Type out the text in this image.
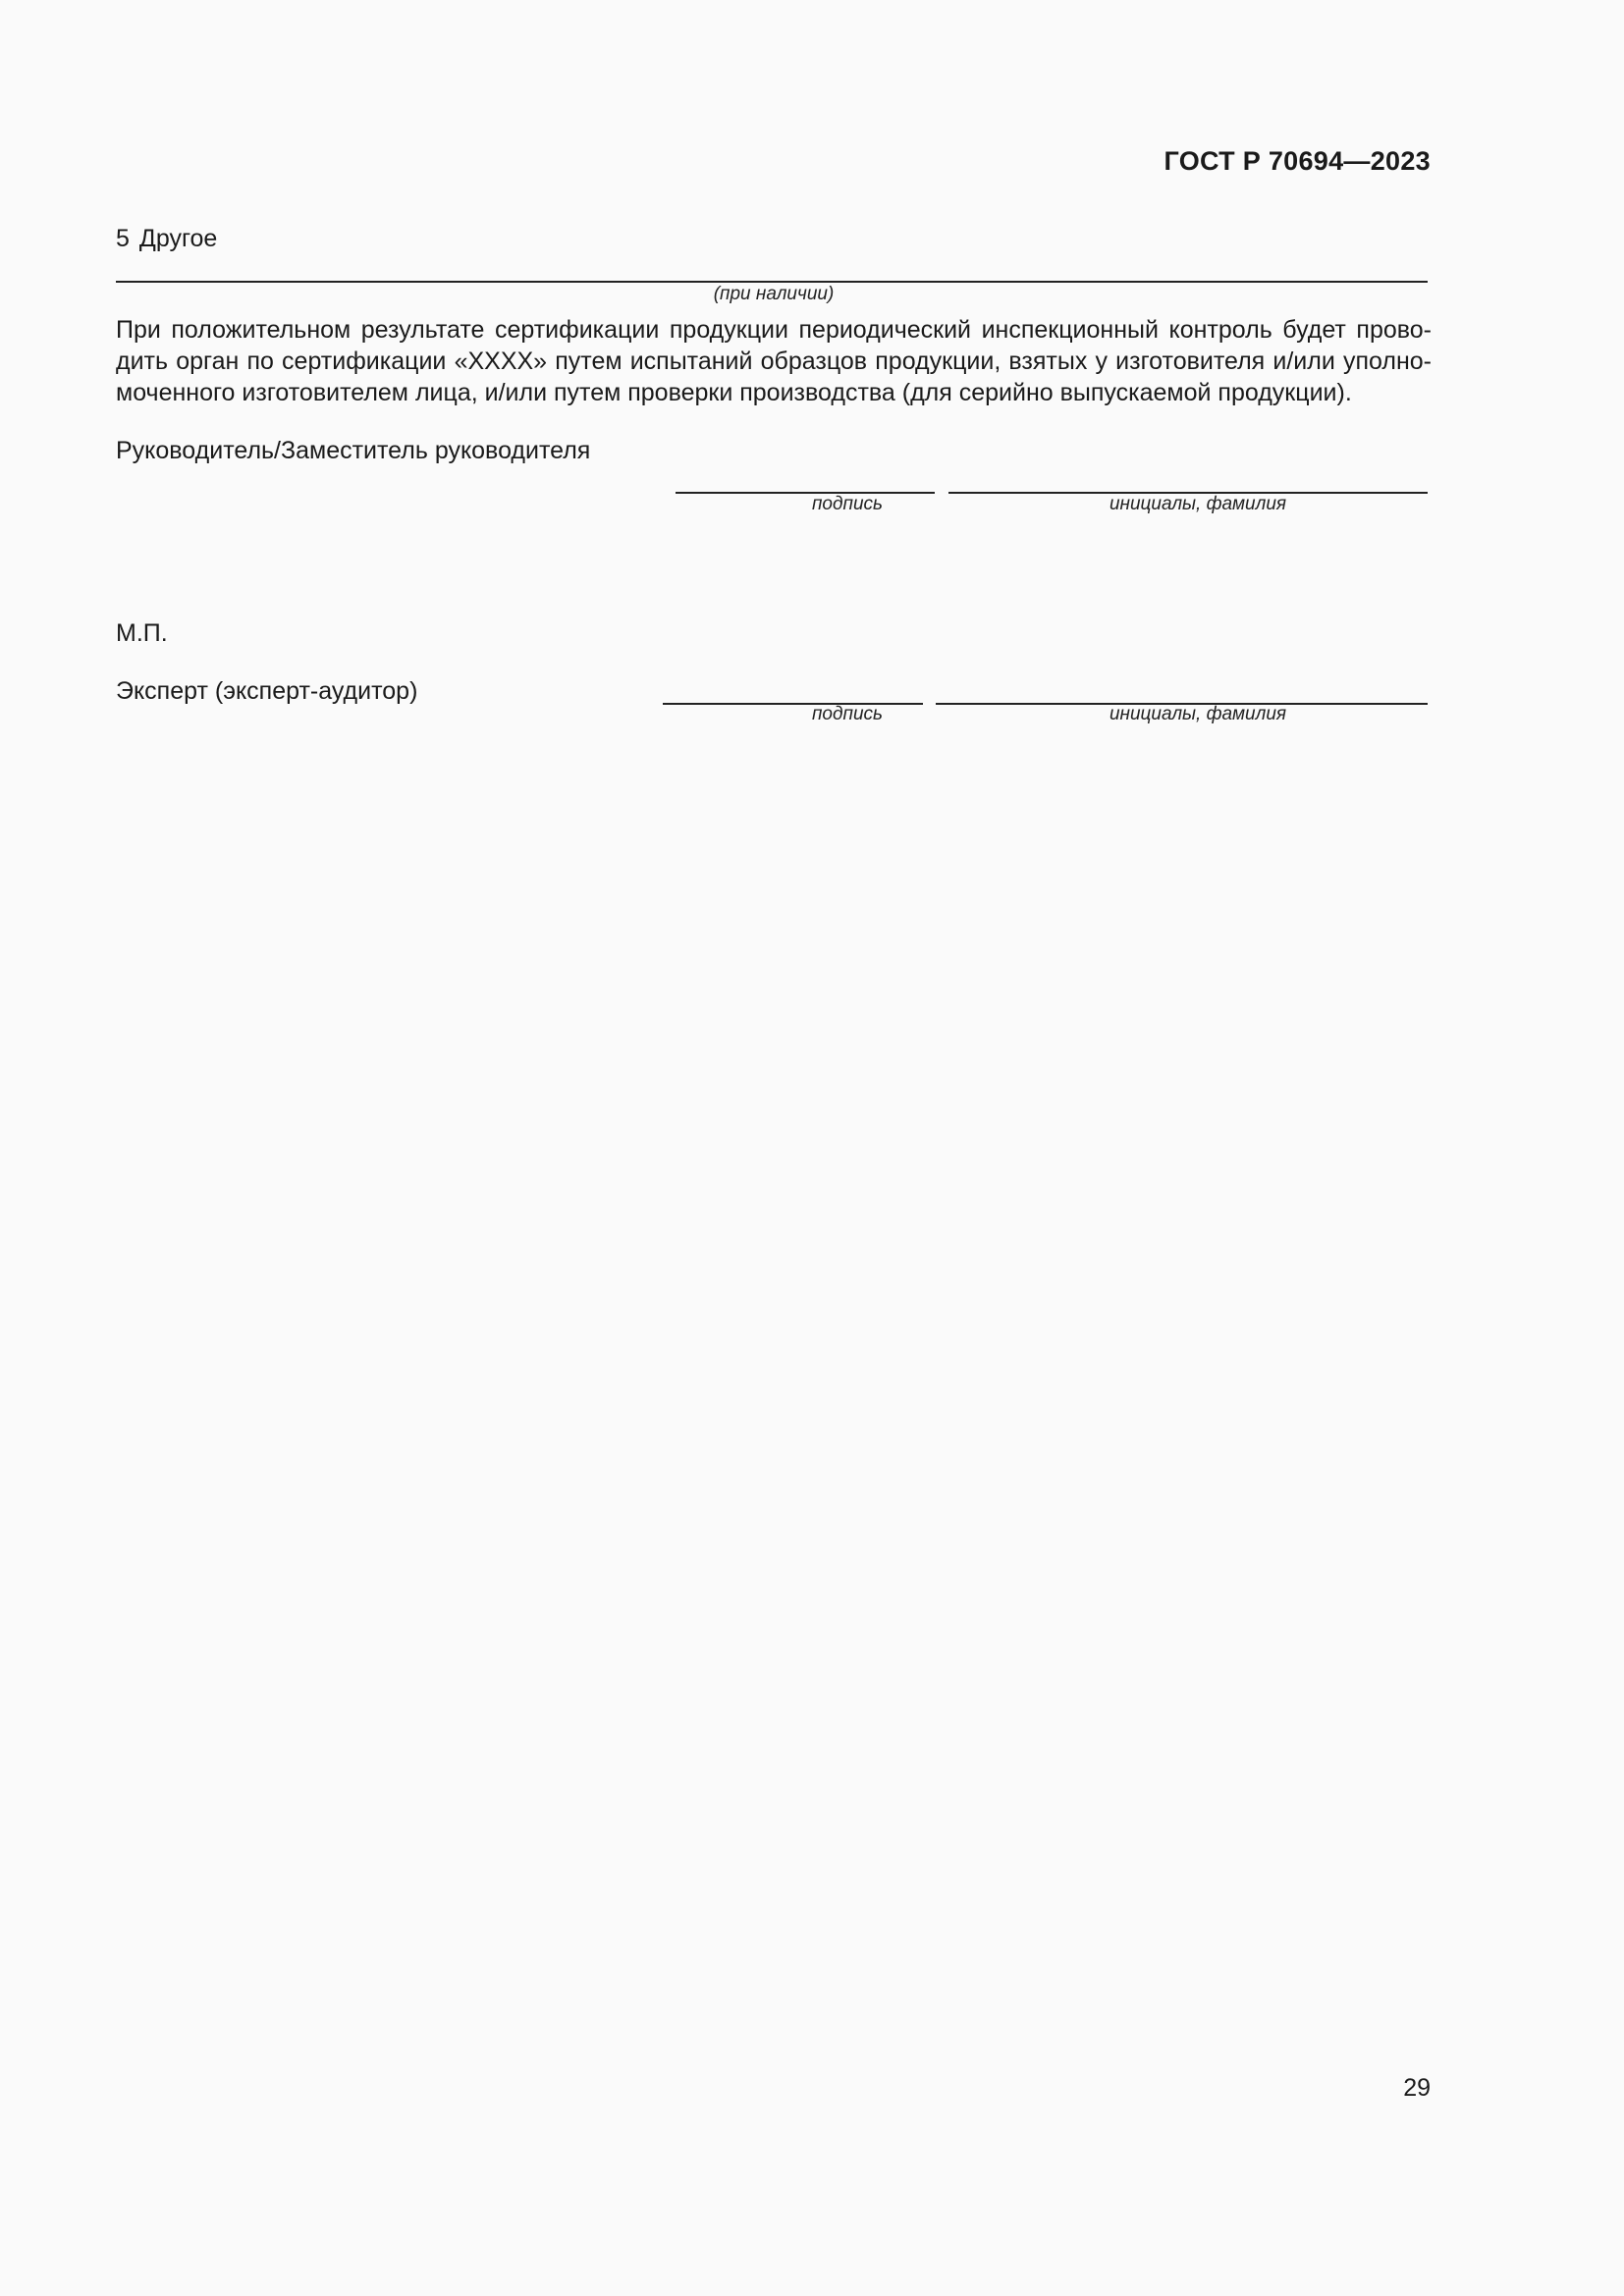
ГОСТ Р 70694—2023
5 Другое
(при наличии)
При положительном результате сертификации продукции периодический инспекционный контроль будет прово-дить орган по сертификации «ХХХХ» путем испытаний образцов продукции, взятых у изготовителя и/или уполно-моченного изготовителем лица, и/или путем проверки производства (для серийно выпускаемой продукции).
Руководитель/Заместитель руководителя
подпись	инициалы, фамилия
М.П.
Эксперт (эксперт-аудитор)
подпись	инициалы, фамилия
29
